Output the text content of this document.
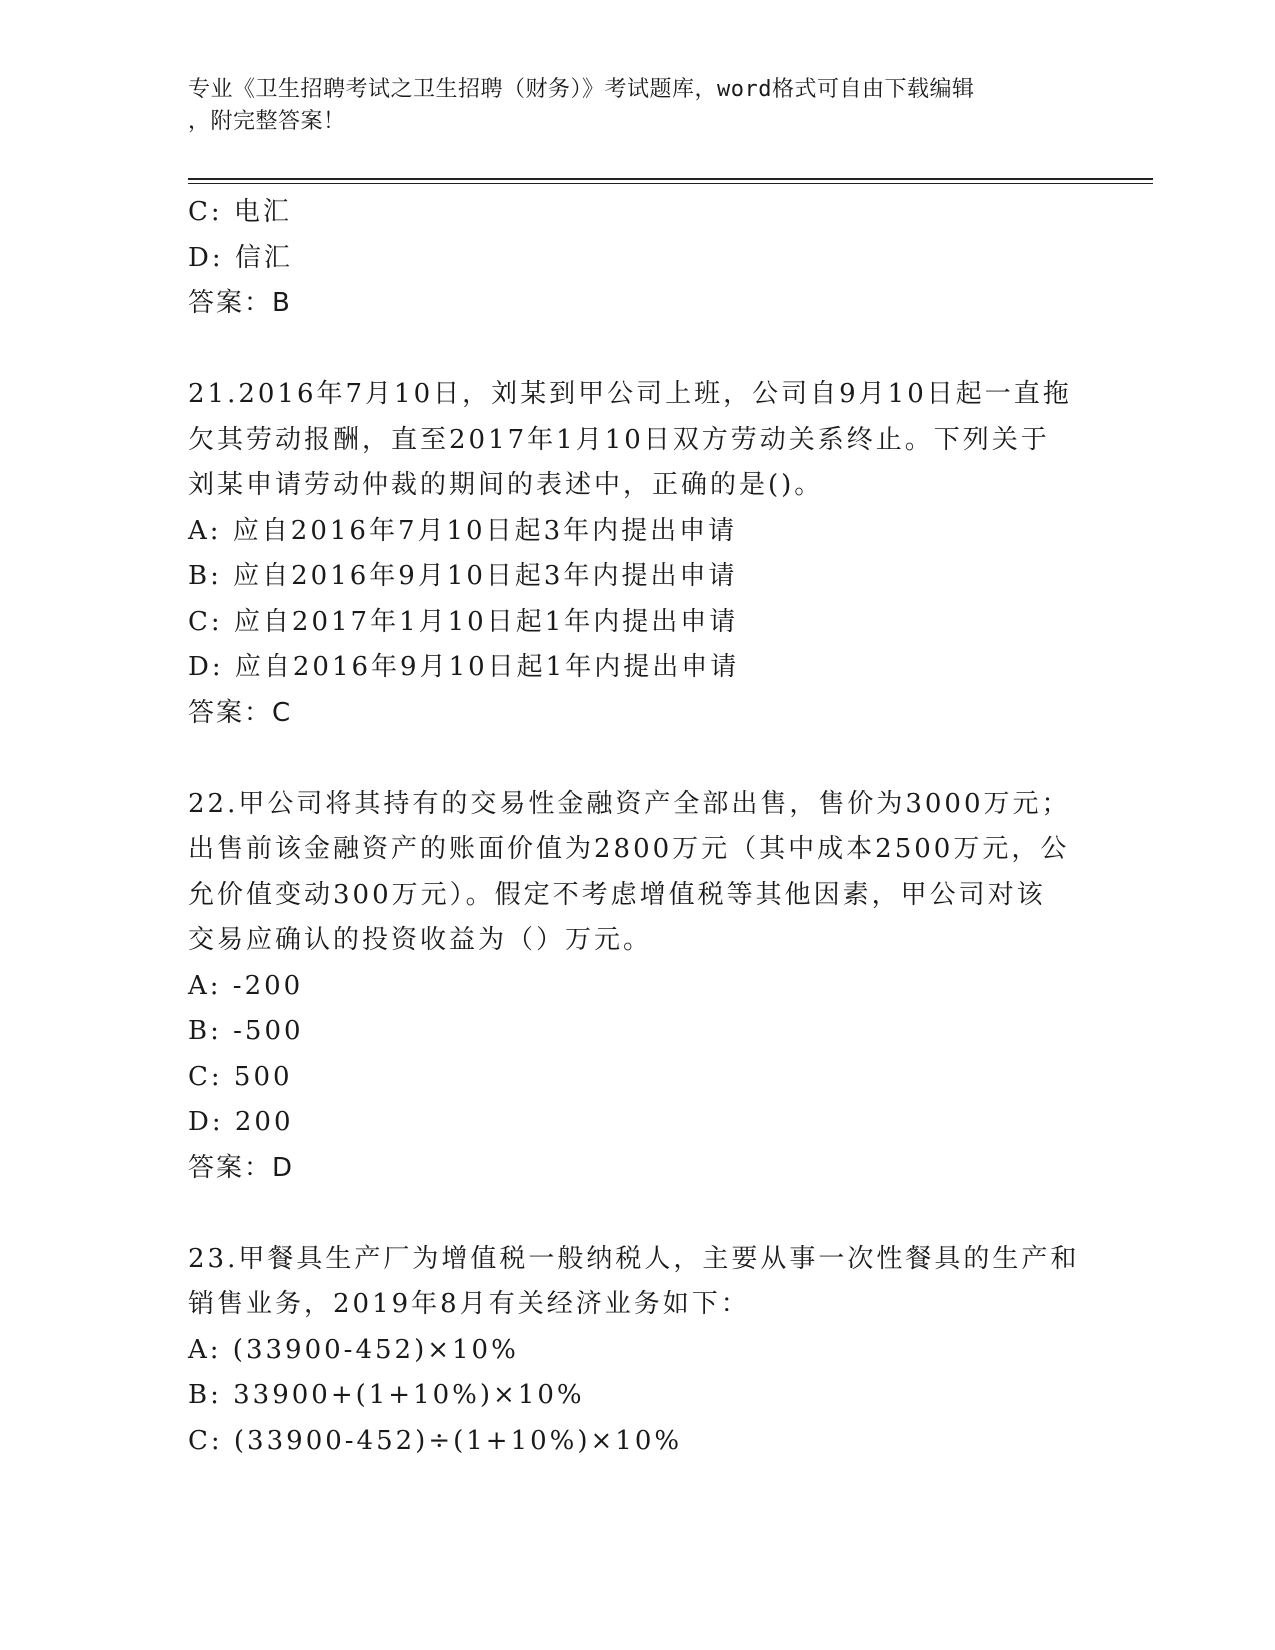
专业《卫生招聘考试之卫生招聘（财务）》考试题库，word格式可自由下载编辑
，附完整答案！
C: 电汇
D: 信汇
答案：B
21.2016年7月10日，刘某到甲公司上班，公司自9月10日起一直拖
欠其劳动报酬，直至2017年1月10日双方劳动关系终止。下列关于
刘某申请劳动仲裁的期间的表述中，正确的是()。
A: 应自2016年7月10日起3年内提出申请
B: 应自2016年9月10日起3年内提出申请
C: 应自2017年1月10日起1年内提出申请
D: 应自2016年9月10日起1年内提出申请
答案：C
22.甲公司将其持有的交易性金融资产全部出售，售价为3000万元；
出售前该金融资产的账面价值为2800万元（其中成本2500万元，公
允价值变动300万元）。假定不考虑增值税等其他因素，甲公司对该
交易应确认的投资收益为（）万元。
A: -200
B: -500
C: 500
D: 200
答案：D
23.甲餐具生产厂为增值税一般纳税人，主要从事一次性餐具的生产和
销售业务，2019年8月有关经济业务如下：
A: (33900-452)×10%
B: 33900+(1+10%)×10%
C: (33900-452)÷(1+10%)×10%
